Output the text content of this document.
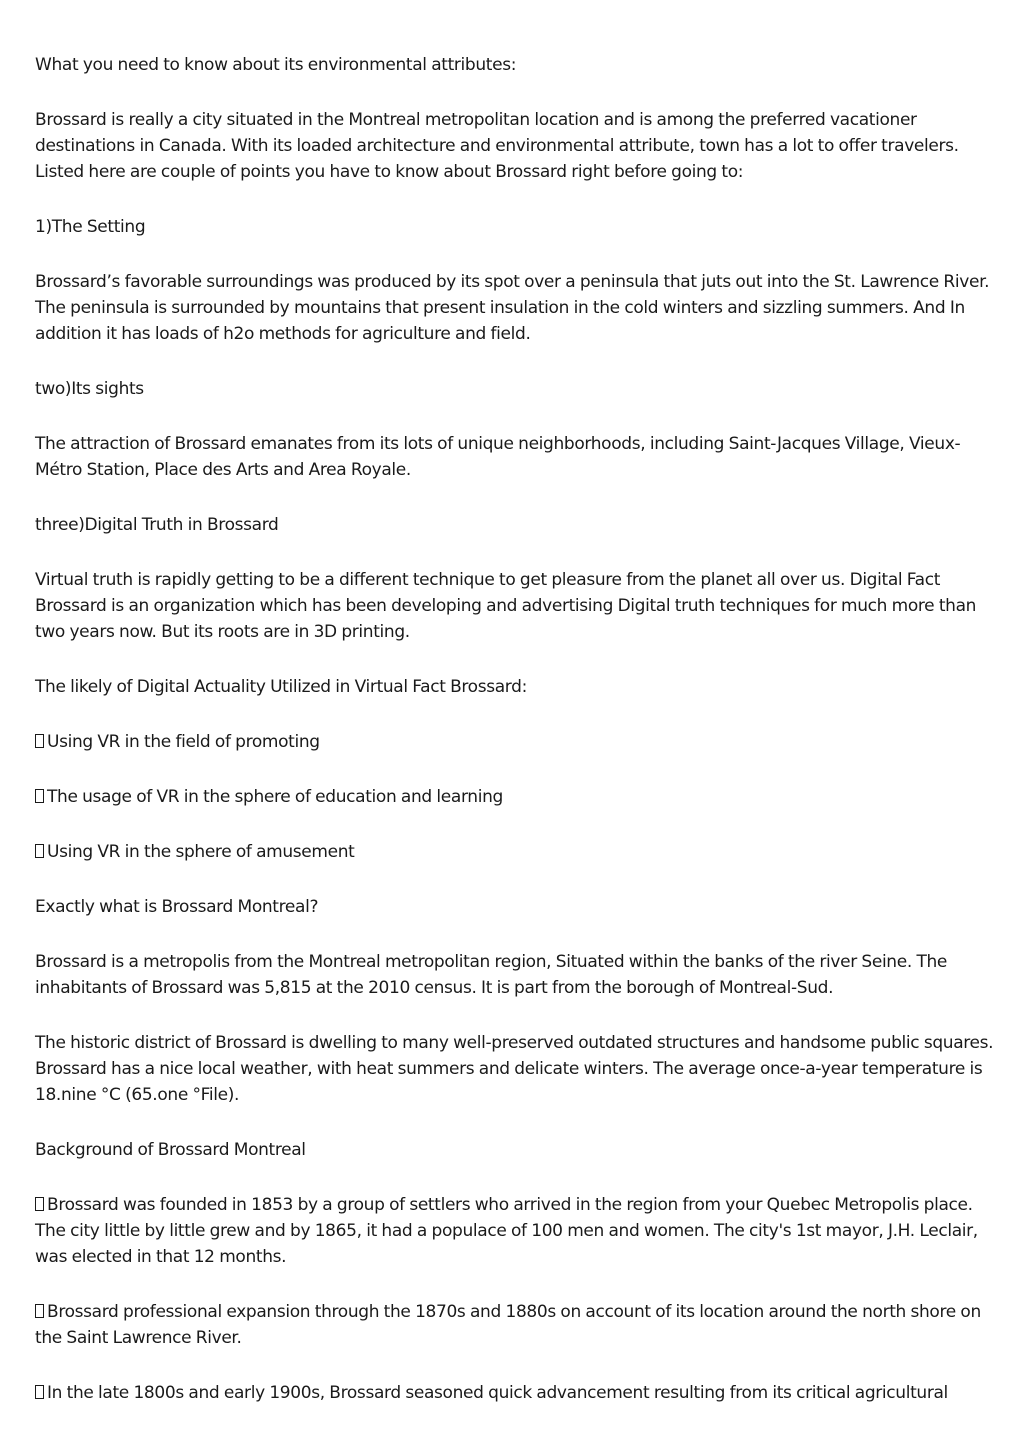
What you need to know about its environmental attributes:

Brossard is really a city situated in the Montreal metropolitan location and is among the preferred vacationer destinations in Canada. With its loaded architecture and environmental attribute, town has a lot to offer travelers. Listed here are couple of points you have to know about Brossard right before going to:

1)The Setting

Brossard’s favorable surroundings was produced by its spot over a peninsula that juts out into the St. Lawrence River. The peninsula is surrounded by mountains that present insulation in the cold winters and sizzling summers. And In addition it has loads of h2o methods for agriculture and field.

two)Its sights

The attraction of Brossard emanates from its lots of unique neighborhoods, including Saint-Jacques Village, Vieux-Métro Station, Place des Arts and Area Royale.

three)Digital Truth in Brossard

Virtual truth is rapidly getting to be a different technique to get pleasure from the planet all over us. Digital Fact Brossard is an organization which has been developing and advertising Digital truth techniques for much more than two years now. But its roots are in 3D printing.

The likely of Digital Actuality Utilized in Virtual Fact Brossard:

Using VR in the field of promoting

The usage of VR in the sphere of education and learning

Using VR in the sphere of amusement

Exactly what is Brossard Montreal?

Brossard is a metropolis from the Montreal metropolitan region, Situated within the banks of the river Seine. The inhabitants of Brossard was 5,815 at the 2010 census. It is part from the borough of Montreal-Sud.

The historic district of Brossard is dwelling to many well-preserved outdated structures and handsome public squares. Brossard has a nice local weather, with heat summers and delicate winters. The average once-a-year temperature is 18.nine °C (65.one °File).

Background of Brossard Montreal

Brossard was founded in 1853 by a group of settlers who arrived in the region from your Quebec Metropolis place. The city little by little grew and by 1865, it had a populace of 100 men and women. The city's 1st mayor, J.H. Leclair, was elected in that 12 months.

Brossard professional expansion through the 1870s and 1880s on account of its location around the north shore on the Saint Lawrence River.

In the late 1800s and early 1900s, Brossard seasoned quick advancement resulting from its critical agricultural
